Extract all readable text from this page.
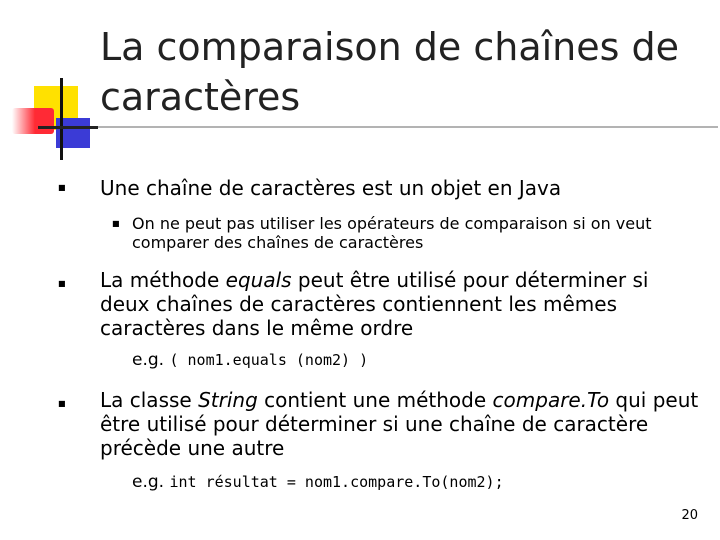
La comparaison de chaînes de caractères
■ Une chaîne de caractères est un objet en Java
■ On ne peut pas utiliser les opérateurs de comparaison si on veut comparer des chaînes de caractères
■ La méthode equals peut être utilisé pour déterminer si deux chaînes de caractères contiennent les mêmes caractères dans le même ordre
e.g. ( nom1.equals (nom2) )
■ La classe String contient une méthode compare.To qui peut être utilisé pour déterminer si une chaîne de caractère précède une autre
e.g. int résultat = nom1.compare.To(nom2);
20
